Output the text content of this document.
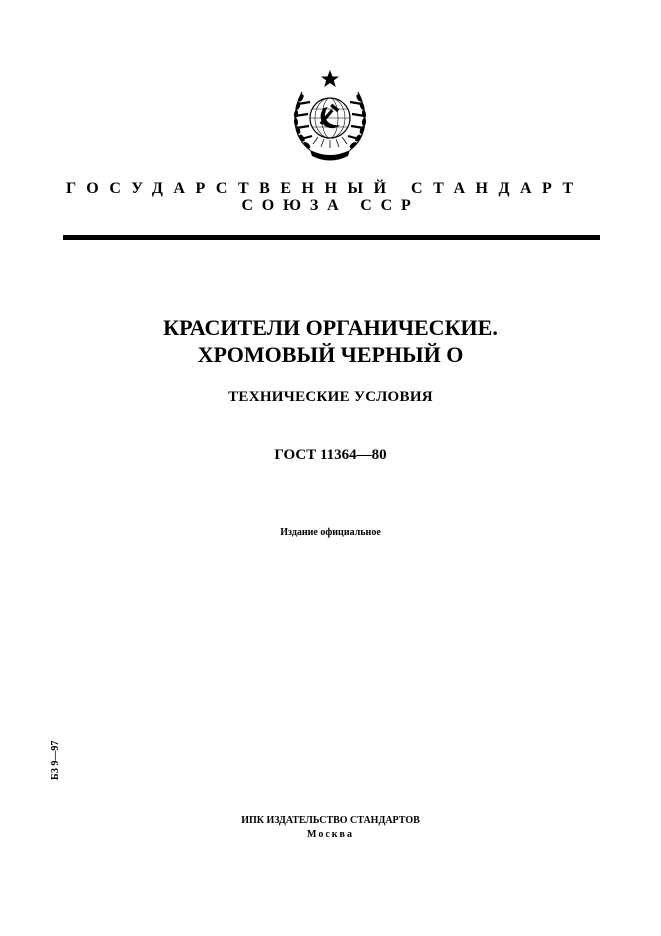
ГОСУДАРСТВЕННЫЙ СТАНДАРТ
СОЮЗА ССР
КРАСИТЕЛИ ОРГАНИЧЕСКИЕ.
ХРОМОВЫЙ ЧЕРНЫЙ О
ТЕХНИЧЕСКИЕ УСЛОВИЯ
ГОСТ 11364—80
Издание официальное
БЗ 9—97
ИПК ИЗДАТЕЛЬСТВО СТАНДАРТОВ
Москва
